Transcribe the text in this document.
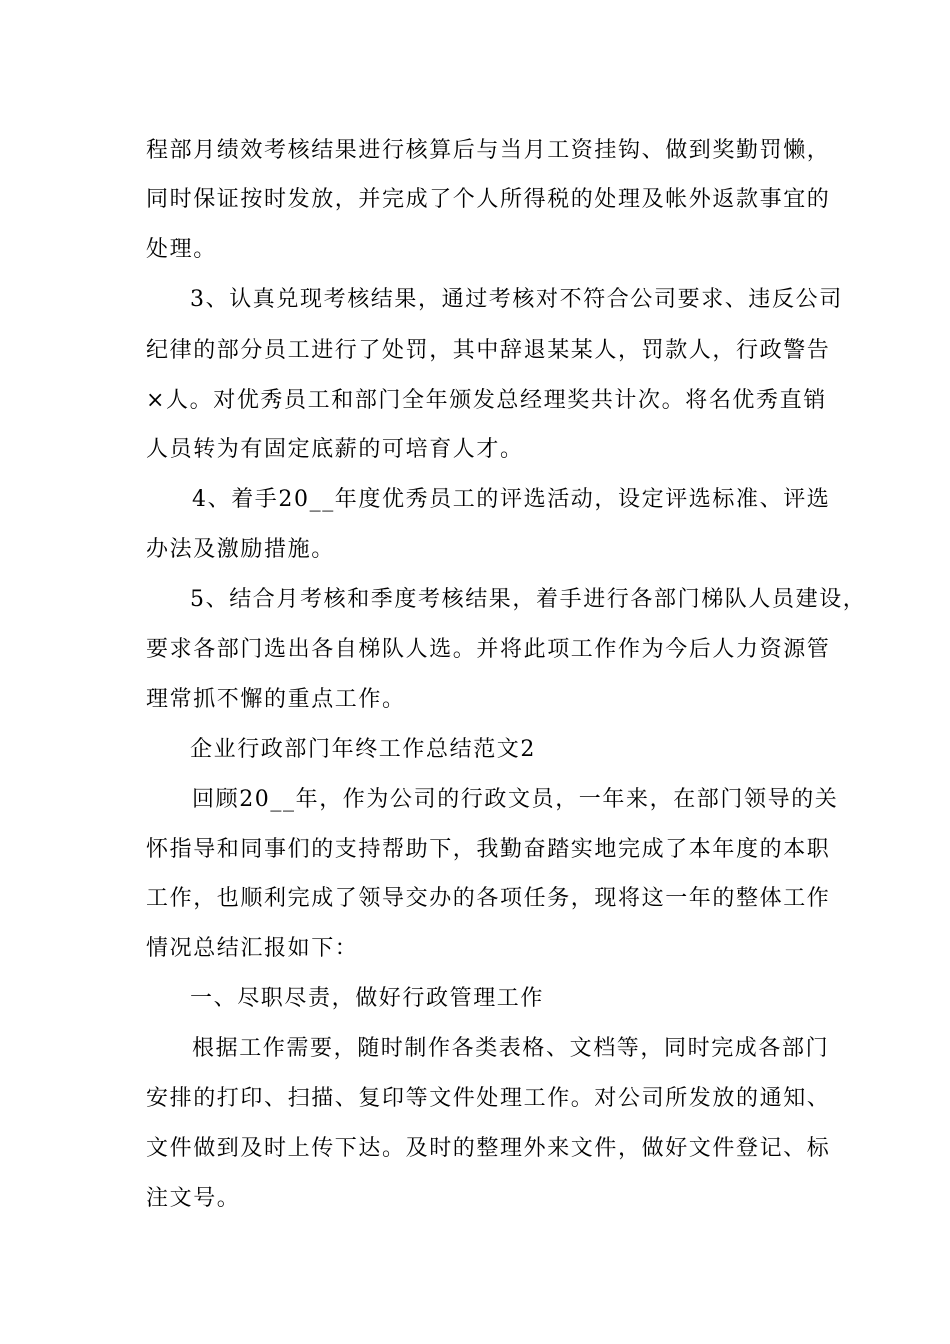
程部月绩效考核结果进行核算后与当月工资挂钩、做到奖勤罚懒，
同时保证按时发放，并完成了个人所得税的处理及帐外返款事宜的
处理。
3、认真兑现考核结果，通过考核对不符合公司要求、违反公司
纪律的部分员工进行了处罚，其中辞退某某人，罚款人，行政警告
×人。对优秀员工和部门全年颁发总经理奖共计次。将名优秀直销
人员转为有固定底薪的可培育人才。
4、着手20__年度优秀员工的评选活动，设定评选标准、评选
办法及激励措施。
5、结合月考核和季度考核结果，着手进行各部门梯队人员建设，
要求各部门选出各自梯队人选。并将此项工作作为今后人力资源管
理常抓不懈的重点工作。
企业行政部门年终工作总结范文2
回顾20__年，作为公司的行政文员，一年来，在部门领导的关
怀指导和同事们的支持帮助下，我勤奋踏实地完成了本年度的本职
工作，也顺利完成了领导交办的各项任务，现将这一年的整体工作
情况总结汇报如下：
一、尽职尽责，做好行政管理工作
根据工作需要，随时制作各类表格、文档等，同时完成各部门
安排的打印、扫描、复印等文件处理工作。对公司所发放的通知、
文件做到及时上传下达。及时的整理外来文件，做好文件登记、标
注文号。
